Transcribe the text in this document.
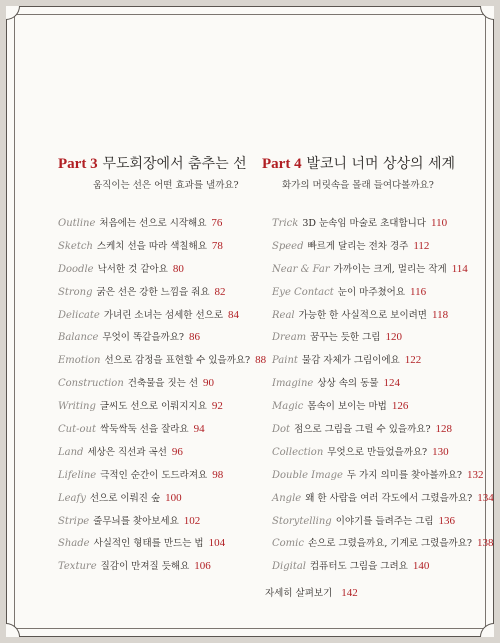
Part 3 무도회장에서 춤추는 선

움직이는 선은 어떤 효과를 낼까요?

Outline 처음에는 선으로 시작해요 76
Sketch 스케치 선을 따라 색칠해요 78
Doodle 낙서한 것 같아요 80
Strong 굵은 선은 강한 느낌을 줘요 82
Delicate 가녀린 소녀는 섬세한 선으로 84
Balance 무엇이 똑같을까요? 86
Emotion 선으로 감정을 표현할 수 있을까요? 88
Construction 건축물을 짓는 선 90
Writing 글씨도 선으로 이뤄지지요 92
Cut-out 싹둑싹둑 선을 잘라요 94
Land 세상은 직선과 곡선 96
Lifeline 극적인 순간이 도드라져요 98
Leafy 선으로 이뤄진 숲 100
Stripe 줄무늬를 찾아보세요 102
Shade 사실적인 형태를 만드는 법 104
Texture 질감이 만져질 듯해요 106
Part 4 발코니 너머 상상의 세계

화가의 머릿속을 몰래 들여다볼까요?

Trick 3D 눈속임 마술로 초대합니다 110
Speed 빠르게 달리는 전차 경주 112
Near & Far 가까이는 크게, 멀리는 작게 114
Eye Contact 눈이 마주쳤어요 116
Real 가능한 한 사실적으로 보이려면 118
Dream 꿈꾸는 듯한 그림 120
Paint 물감 자체가 그림이에요 122
Imagine 상상 속의 동물 124
Magic 몸속이 보이는 마법 126
Dot 점으로 그림을 그릴 수 있을까요? 128
Collection 무엇으로 만들었을까요? 130
Double Image 두 가지 의미를 찾아볼까요? 132
Angle 왜 한 사람을 여러 각도에서 그렸을까요? 134
Storytelling 이야기를 들려주는 그림 136
Comic 손으로 그렸을까요, 기계로 그렸을까요? 138
Digital 컴퓨터도 그림을 그려요 140
자세히 살펴보기 142
